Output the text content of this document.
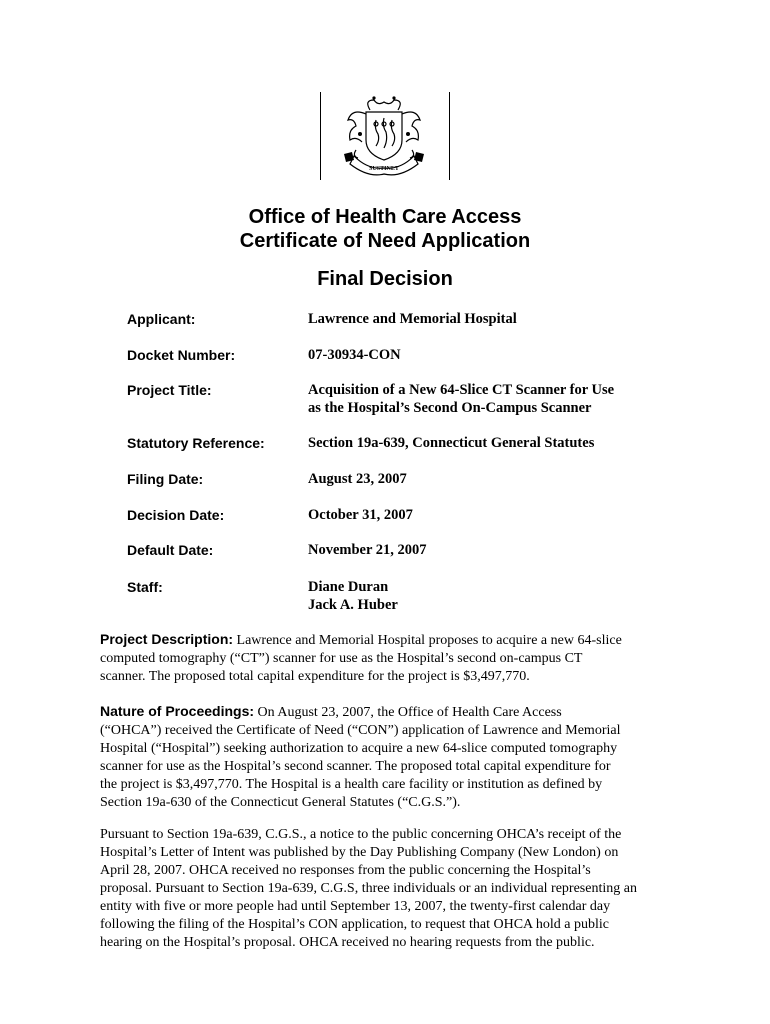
SUSTINET
Office of Health Care Access
Certificate of Need Application
Final Decision
Applicant:	Lawrence and Memorial Hospital
Docket Number:	07-30934-CON
Project Title:	Acquisition of a New 64-Slice CT Scanner for Use
as the Hospital’s Second On-Campus Scanner
Statutory Reference:	Section 19a-639, Connecticut General Statutes
Filing Date:	August 23, 2007
Decision Date:	October 31, 2007
Default Date:	November 21, 2007
Staff:	Diane Duran
Jack A. Huber
Project Description: Lawrence and Memorial Hospital proposes to acquire a new 64-slice
computed tomography (“CT”) scanner for use as the Hospital’s second on-campus CT
scanner. The proposed total capital expenditure for the project is $3,497,770.
Nature of Proceedings: On August 23, 2007, the Office of Health Care Access
(“OHCA”) received the Certificate of Need (“CON”) application of Lawrence and Memorial
Hospital (“Hospital”) seeking authorization to acquire a new 64-slice computed tomography
scanner for use as the Hospital’s second scanner. The proposed total capital expenditure for
the project is $3,497,770. The Hospital is a health care facility or institution as defined by
Section 19a-630 of the Connecticut General Statutes (“C.G.S.”).
Pursuant to Section 19a-639, C.G.S., a notice to the public concerning OHCA’s receipt of the
Hospital’s Letter of Intent was published by the Day Publishing Company (New London) on
April 28, 2007. OHCA received no responses from the public concerning the Hospital’s
proposal. Pursuant to Section 19a-639, C.G.S, three individuals or an individual representing an
entity with five or more people had until September 13, 2007, the twenty-first calendar day
following the filing of the Hospital’s CON application, to request that OHCA hold a public
hearing on the Hospital’s proposal. OHCA received no hearing requests from the public.
